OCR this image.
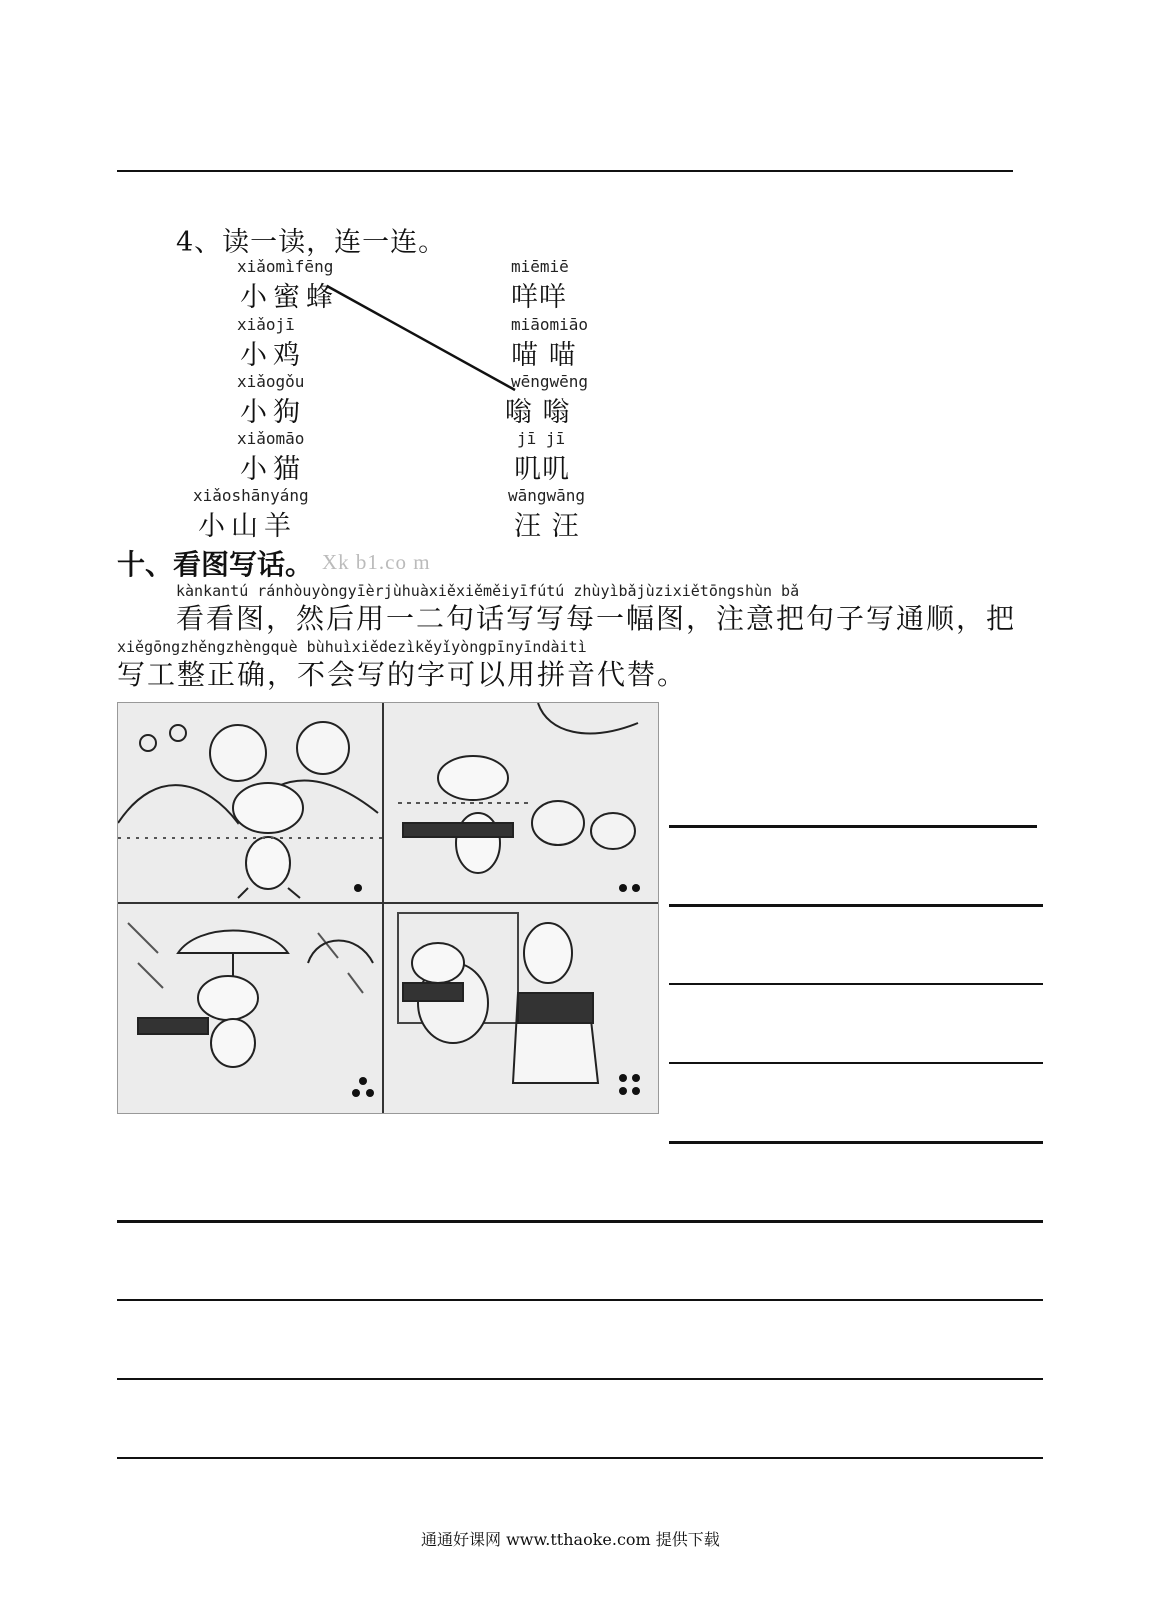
4、读一读，连一连。
xiǎomìfēng
小蜜蜂
xiǎojī
小鸡
xiǎogǒu
小狗
xiǎomāo
小猫
xiǎoshānyáng
小山羊
miēmiē
咩咩
miāomiāo
喵 喵
wēngwēng
嗡 嗡
jī jī
叽叽
wāngwāng
汪 汪
十、看图写话。 Xk b1.co m
kànkantú ránhòuyòngyīèrjùhuàxiěxiěměiyīfútú zhùyìbǎjùzixiětōngshùn bǎ
看看图，然后用一二句话写写每一幅图，注意把句子写通顺，把
xiěgōngzhěngzhèngquè bùhuìxiědezìkěyǐyòngpīnyīndàitì
写工整正确，不会写的字可以用拼音代替。
通通好课网 www.tthaoke.com 提供下载
